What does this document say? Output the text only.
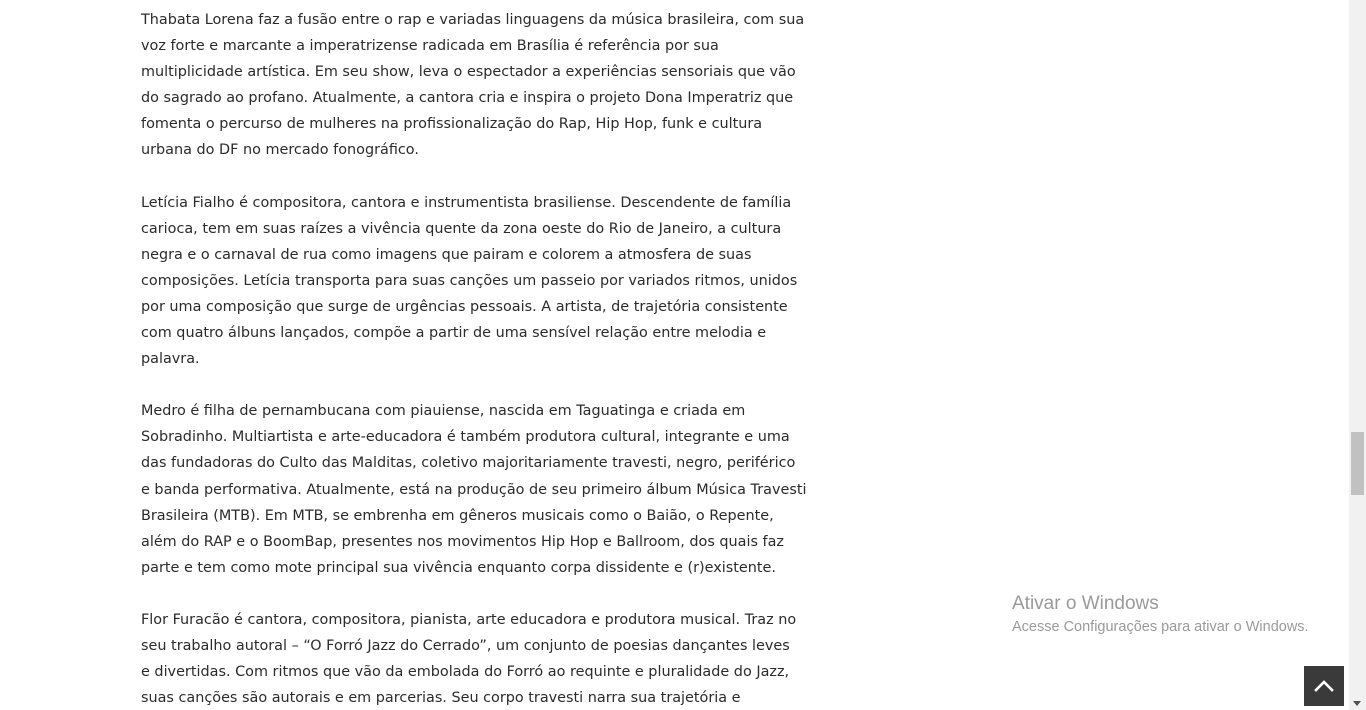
Thabata Lorena faz a fusão entre o rap e variadas linguagens da música brasileira, com sua
voz forte e marcante a imperatrizense radicada em Brasília é referência por sua
multiplicidade artística. Em seu show, leva o espectador a experiências sensoriais que vão
do sagrado ao profano. Atualmente, a cantora cria e inspira o projeto Dona Imperatriz que
fomenta o percurso de mulheres na profissionalização do Rap, Hip Hop, funk e cultura
urbana do DF no mercado fonográfico.

Letícia Fialho é compositora, cantora e instrumentista brasiliense. Descendente de família
carioca, tem em suas raízes a vivência quente da zona oeste do Rio de Janeiro, a cultura
negra e o carnaval de rua como imagens que pairam e colorem a atmosfera de suas
composições. Letícia transporta para suas canções um passeio por variados ritmos, unidos
por uma composição que surge de urgências pessoais. A artista, de trajetória consistente
com quatro álbuns lançados, compõe a partir de uma sensível relação entre melodia e
palavra.

Medro é filha de pernambucana com piauiense, nascida em Taguatinga e criada em
Sobradinho. Multiartista e arte-educadora é também produtora cultural, integrante e uma
das fundadoras do Culto das Malditas, coletivo majoritariamente travesti, negro, periférico
e banda performativa. Atualmente, está na produção de seu primeiro álbum Música Travesti
Brasileira (MTB). Em MTB, se embrenha em gêneros musicais como o Baião, o Repente,
além do RAP e o BoomBap, presentes nos movimentos Hip Hop e Ballroom, dos quais faz
parte e tem como mote principal sua vivência enquanto corpa dissidente e (r)existente.

Flor Furacão é cantora, compositora, pianista, arte educadora e produtora musical. Traz no
seu trabalho autoral – “O Forró Jazz do Cerrado”, um conjunto de poesias dançantes leves
e divertidas. Com ritmos que vão da embolada do Forró ao requinte e pluralidade do Jazz,
suas canções são autorais e em parcerias. Seu corpo travesti narra sua trajetória e

Ativar o Windows
Acesse Configurações para ativar o Windows.
